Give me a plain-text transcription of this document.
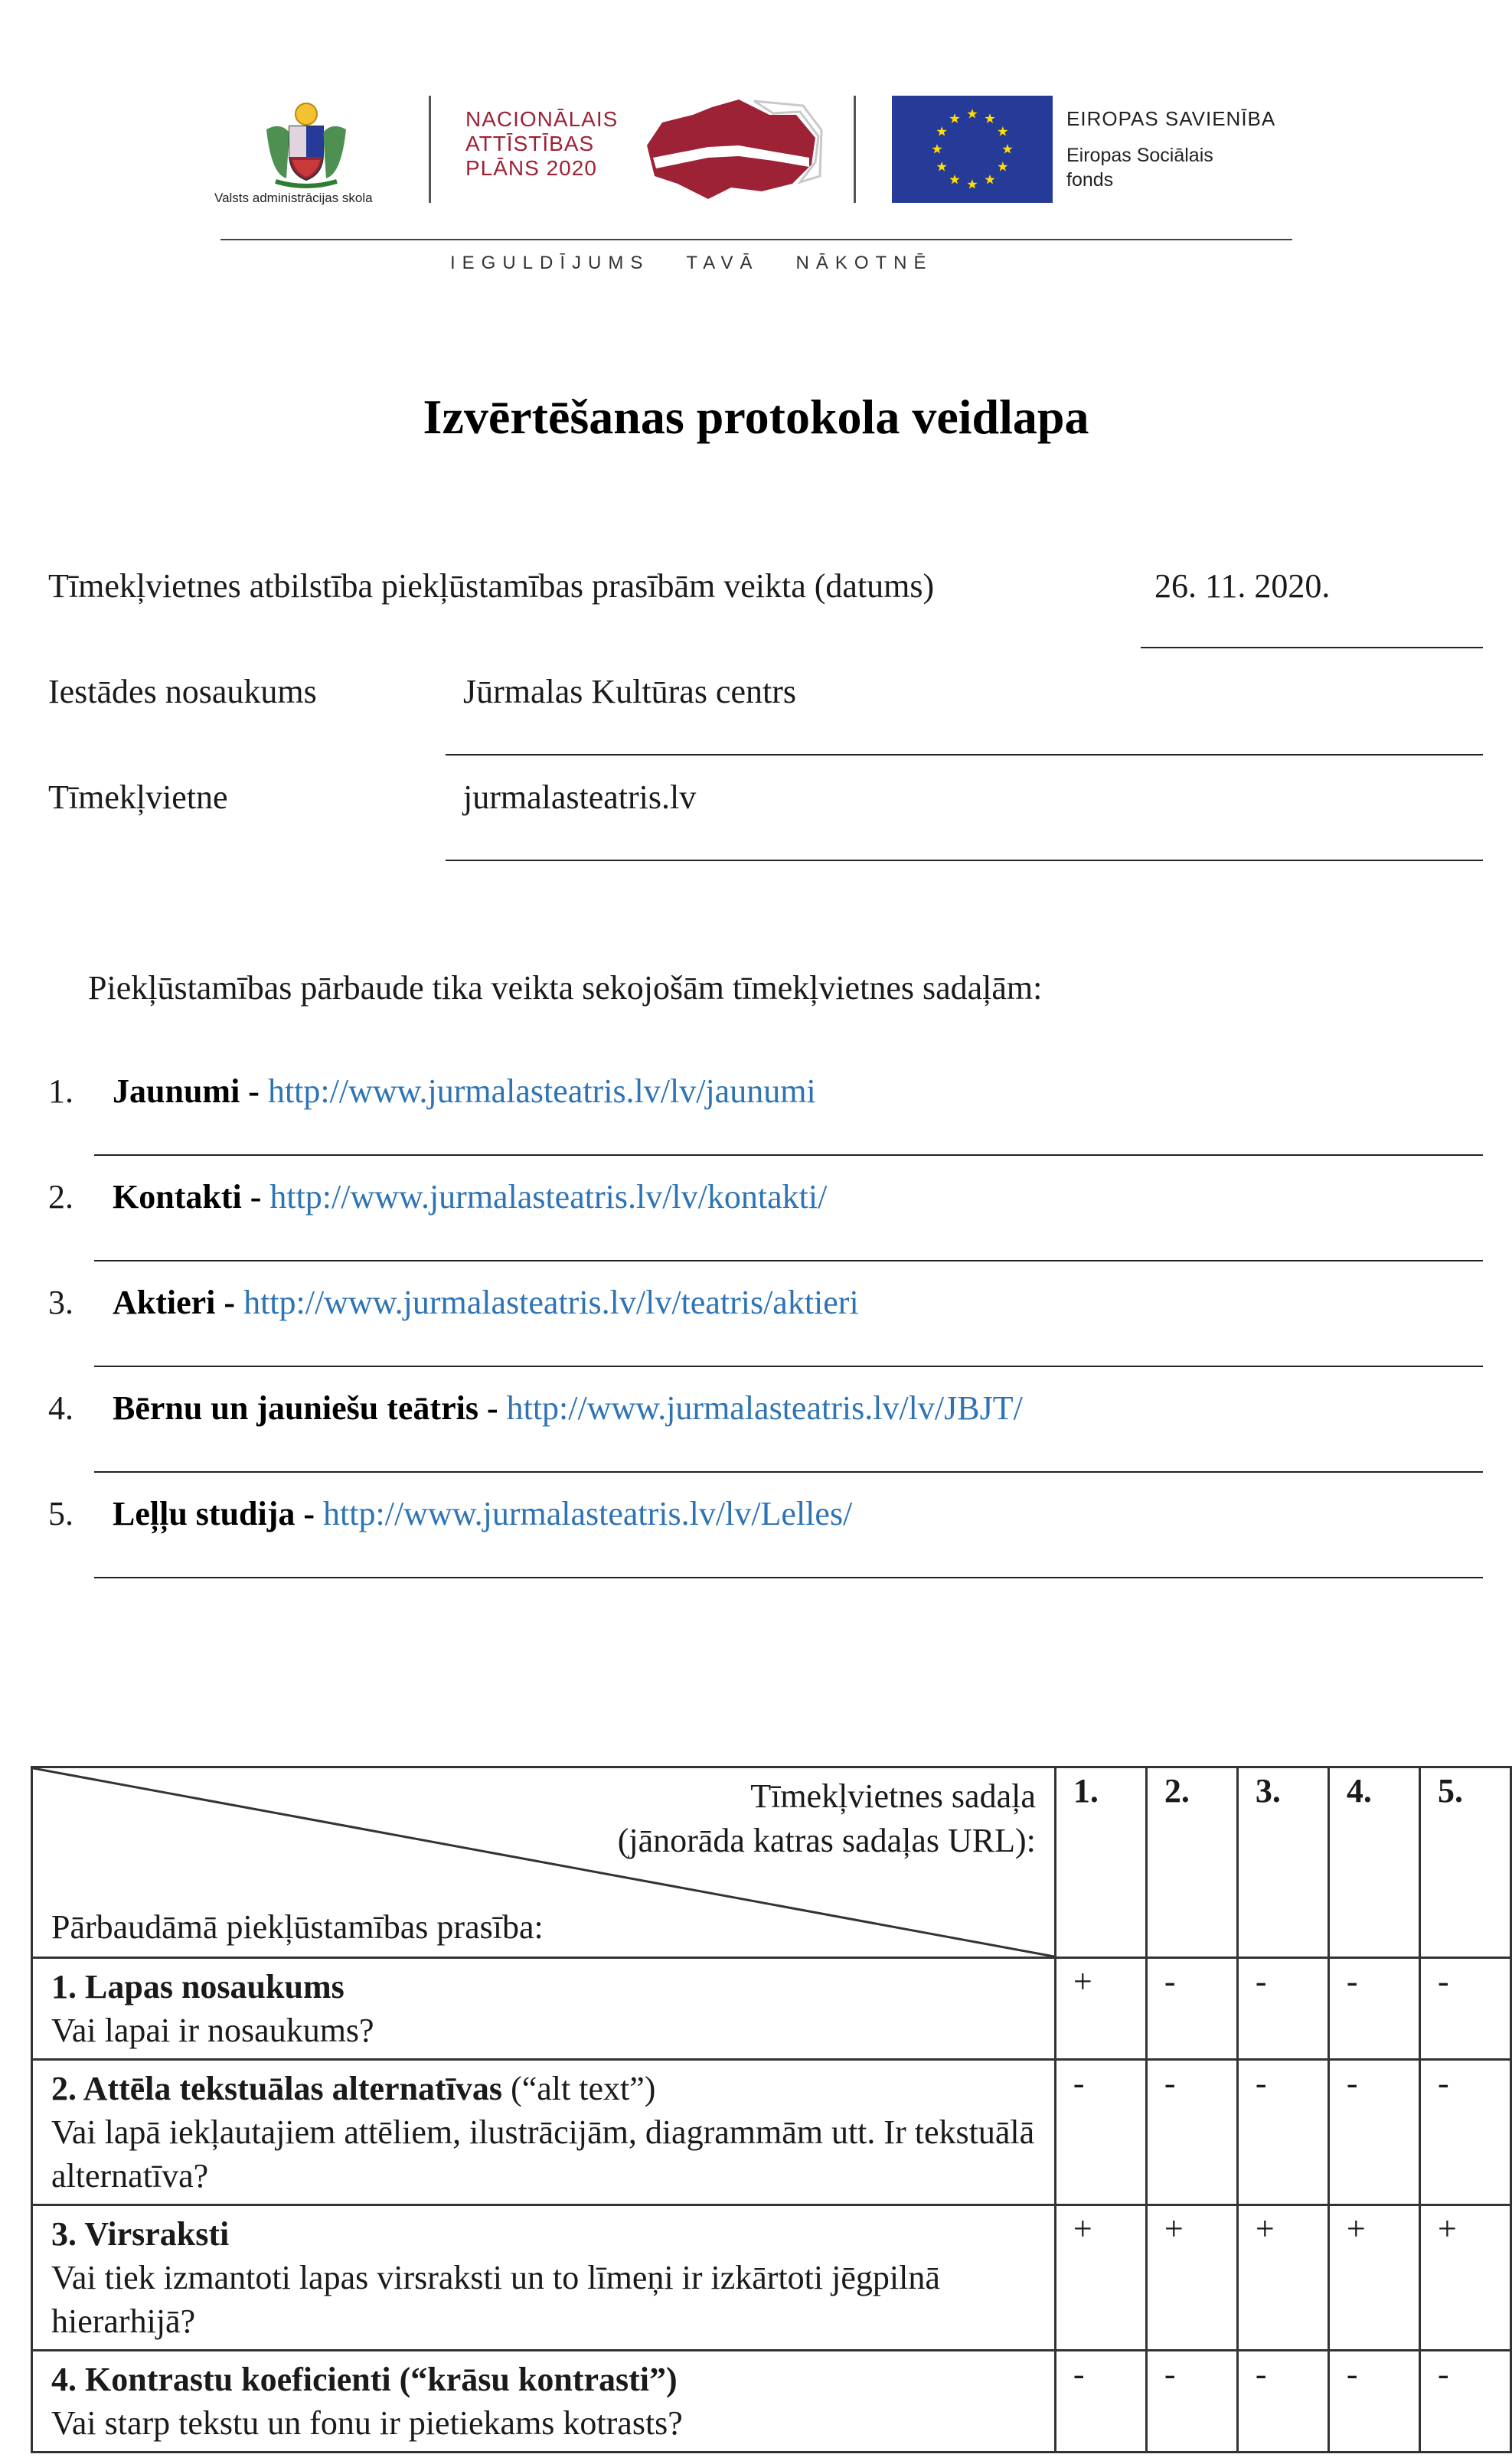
Valsts administrācijas skola
NACIONĀLAIS
ATTĪSTĪBAS
PLĀNS 2020
EIROPAS SAVIENĪBA
Eiropas Sociālais
fonds
IEGULDĪJUMS TAVĀ NĀKOTNĒ
Izvērtēšanas protokola veidlapa
Tīmekļvietnes atbilstība piekļūstamības prasībām veikta (datums)	26. 11. 2020.
Iestādes nosaukums	Jūrmalas Kultūras centrs
Tīmekļvietne	jurmalasteatris.lv
Piekļūstamības pārbaude tika veikta sekojošām tīmekļvietnes sadaļām:
1. Jaunumi - http://www.jurmalasteatris.lv/lv/jaunumi
2. Kontakti - http://www.jurmalasteatris.lv/lv/kontakti/
3. Aktieri - http://www.jurmalasteatris.lv/lv/teatris/aktieri
4. Bērnu un jauniešu teātris - http://www.jurmalasteatris.lv/lv/JBJT/
5. Leļļu studija - http://www.jurmalasteatris.lv/lv/Lelles/
Tīmekļvietnes sadaļa
(jānorāda katras sadaļas URL):
Pārbaudāmā piekļūstamības prasība:	1.	2.	3.	4.	5.

1. Lapas nosaukums
Vai lapai ir nosaukums?	+	-	-	-	-

2. Attēla tekstuālas alternatīvas (“alt text”)
Vai lapā iekļautajiem attēliem, ilustrācijām, diagrammām utt. Ir tekstuālā alternatīva?	-	-	-	-	-

3. Virsraksti
Vai tiek izmantoti lapas virsraksti un to līmeņi ir izkārtoti jēgpilnā hierarhijā?	+	+	+	+	+

4. Kontrastu koeficienti (“krāsu kontrasti”)
Vai starp tekstu un fonu ir pietiekams kotrasts?	-	-	-	-	-
